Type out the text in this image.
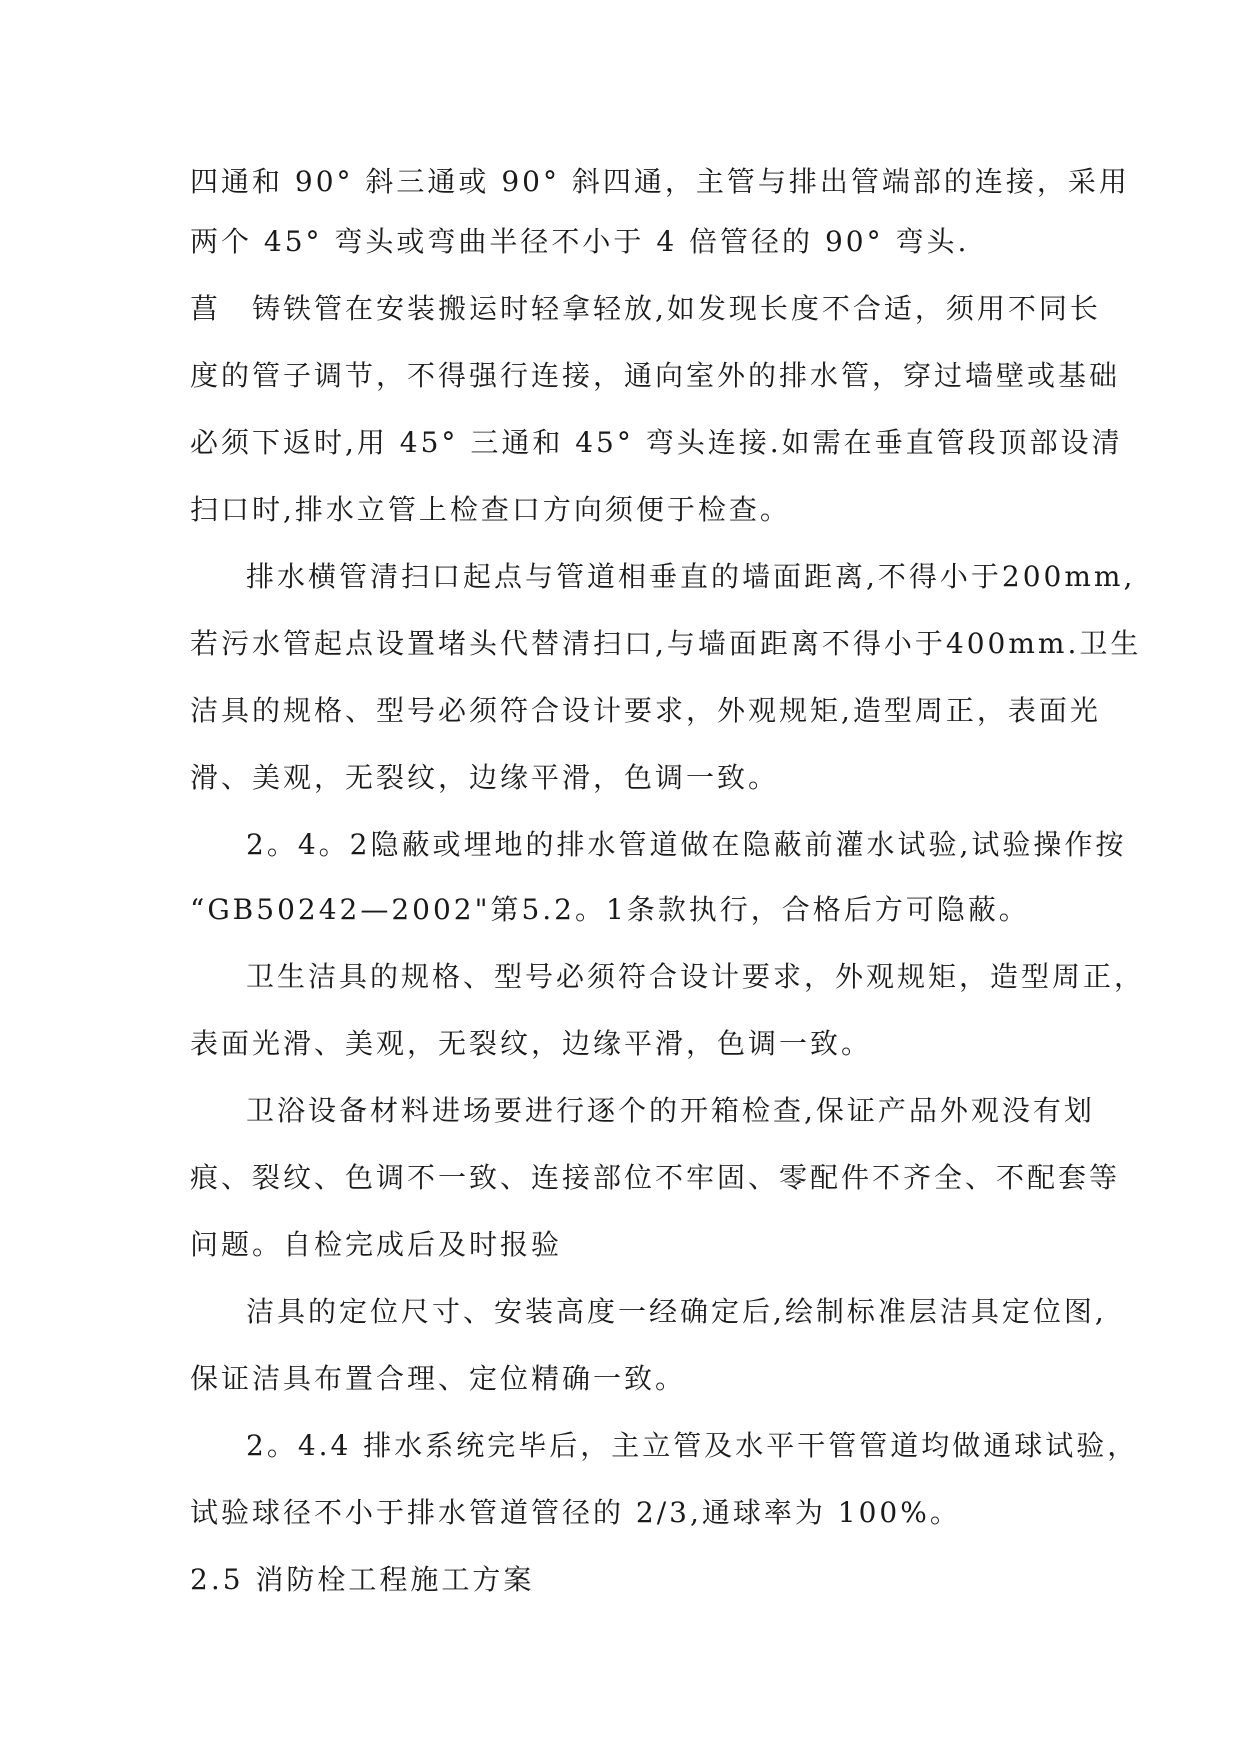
四通和 90° 斜三通或 90° 斜四通，主管与排出管端部的连接，采用
两个 45° 弯头或弯曲半径不小于 4 倍管径的 90° 弯头.
菖　铸铁管在安装搬运时轻拿轻放,如发现长度不合适，须用不同长
度的管子调节，不得强行连接，通向室外的排水管，穿过墙壁或基础
必须下返时,用 45° 三通和 45° 弯头连接.如需在垂直管段顶部设清
扫口时,排水立管上检查口方向须便于检查。
排水横管清扫口起点与管道相垂直的墙面距离,不得小于200mm,
若污水管起点设置堵头代替清扫口,与墙面距离不得小于400mm.卫生
洁具的规格、型号必须符合设计要求，外观规矩,造型周正，表面光
滑、美观，无裂纹，边缘平滑，色调一致。
2。4。2隐蔽或埋地的排水管道做在隐蔽前灌水试验,试验操作按
“GB50242—2002"第5.2。1条款执行，合格后方可隐蔽。
卫生洁具的规格、型号必须符合设计要求，外观规矩，造型周正，
表面光滑、美观，无裂纹，边缘平滑，色调一致。
卫浴设备材料进场要进行逐个的开箱检查,保证产品外观没有划
痕、裂纹、色调不一致、连接部位不牢固、零配件不齐全、不配套等
问题。自检完成后及时报验
洁具的定位尺寸、安装高度一经确定后,绘制标准层洁具定位图,
保证洁具布置合理、定位精确一致。
2。4.4 排水系统完毕后，主立管及水平干管管道均做通球试验，
试验球径不小于排水管道管径的 2/3,通球率为 100%。
2.5 消防栓工程施工方案
